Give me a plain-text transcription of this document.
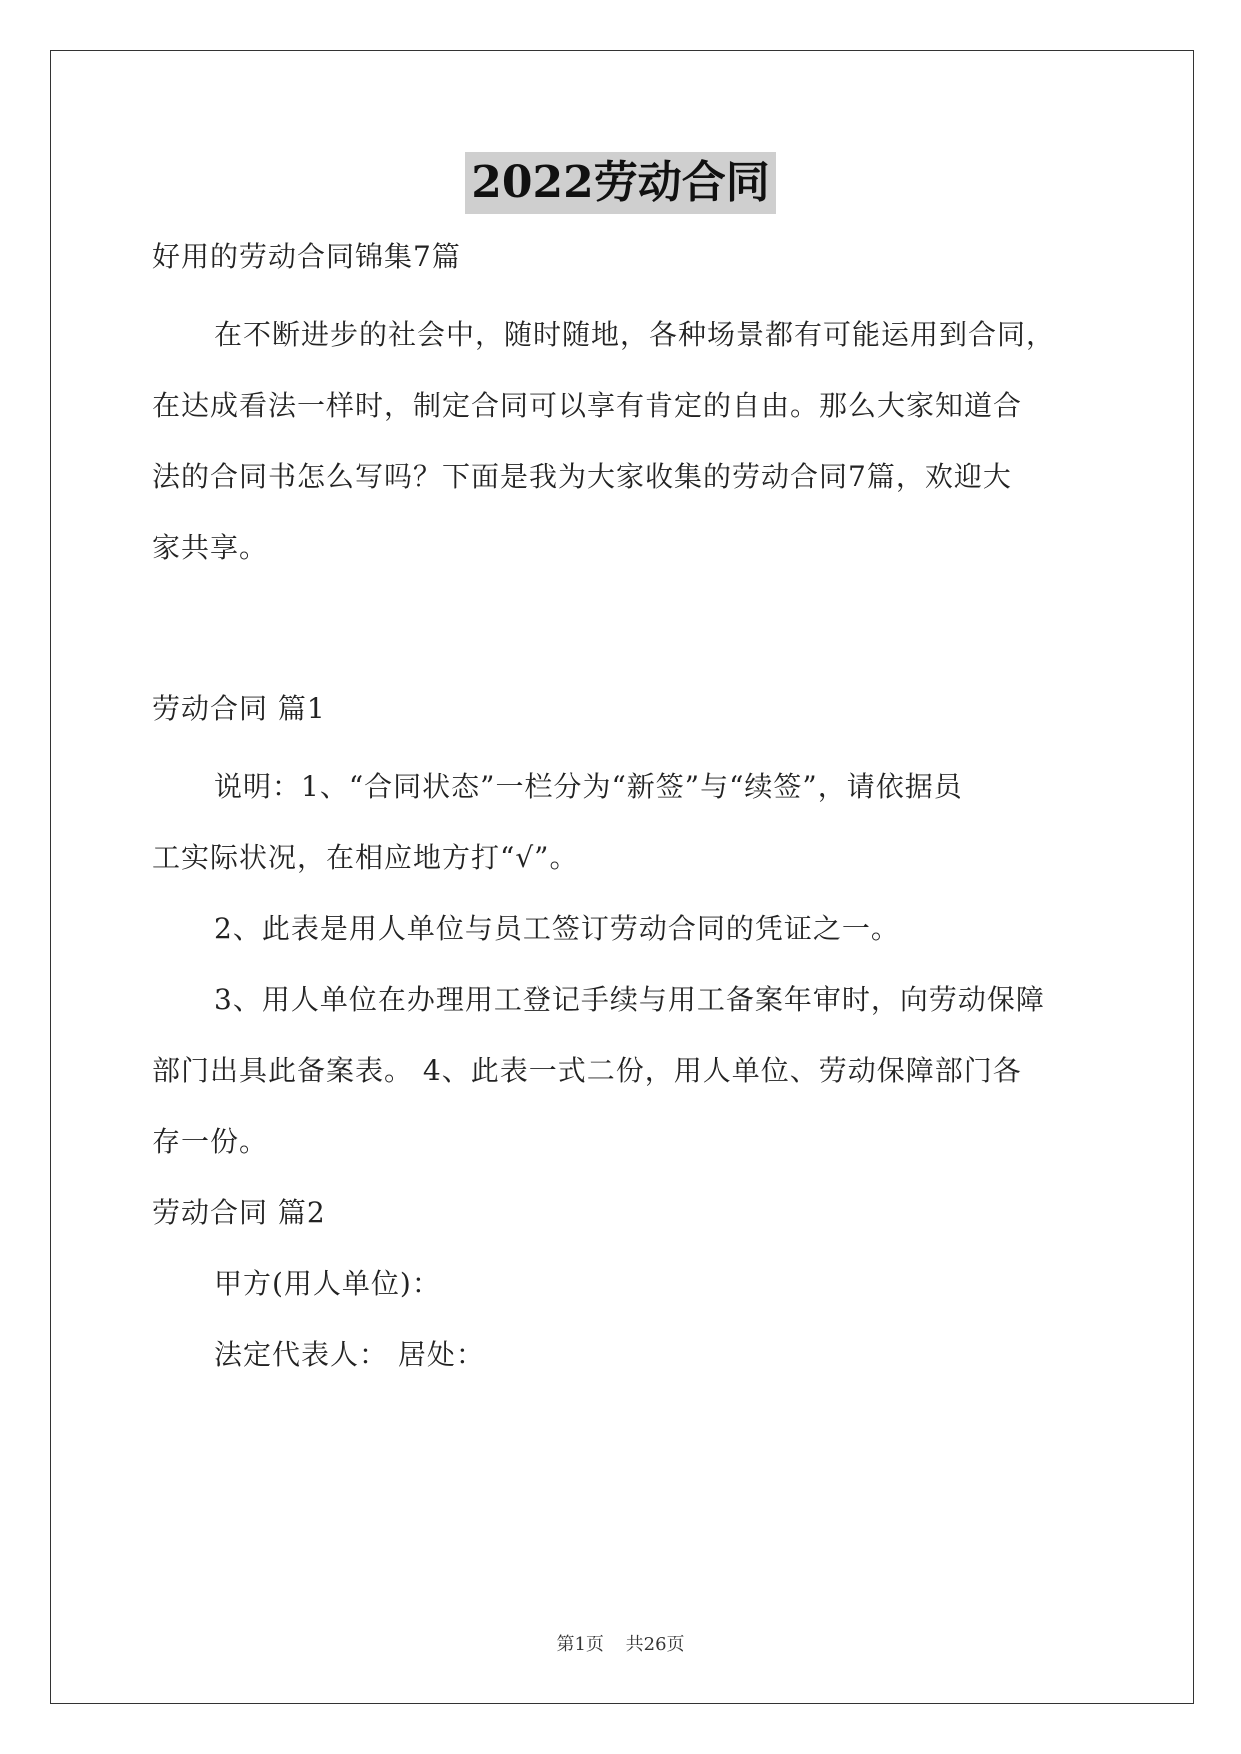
2022劳动合同
好用的劳动合同锦集7篇
在不断进步的社会中，随时随地，各种场景都有可能运用到合同，
在达成看法一样时，制定合同可以享有肯定的自由。那么大家知道合
法的合同书怎么写吗？下面是我为大家收集的劳动合同7篇，欢迎大
家共享。
劳动合同 篇1
说明：1、“合同状态”一栏分为“新签”与“续签”，请依据员
工实际状况，在相应地方打“√”。
2、此表是用人单位与员工签订劳动合同的凭证之一。
3、用人单位在办理用工登记手续与用工备案年审时，向劳动保障
部门出具此备案表。 4、此表一式二份，用人单位、劳动保障部门各
存一份。
劳动合同 篇2
甲方(用人单位)：
法定代表人： 居处：
第1页 共26页
